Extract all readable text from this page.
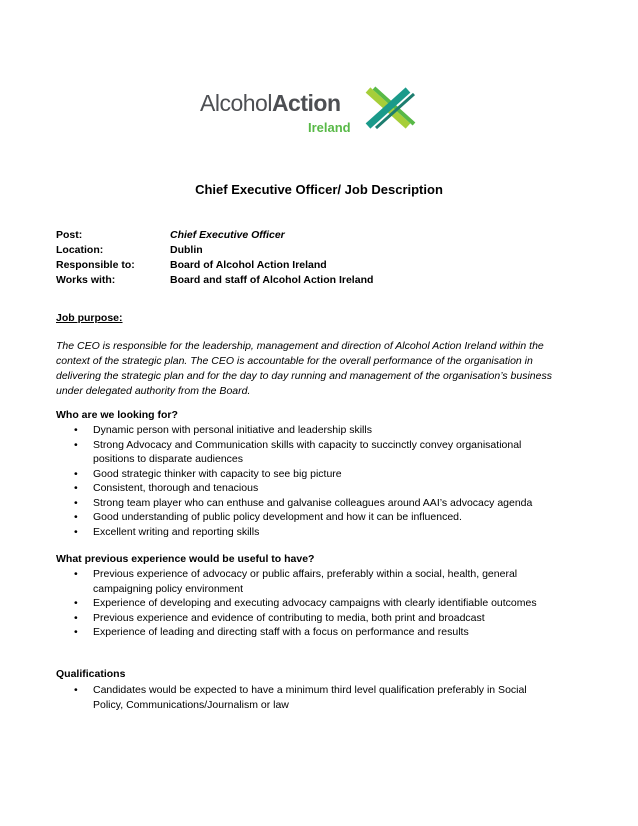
AlcoholAction
Ireland
Chief Executive Officer/ Job Description
Post:	Chief Executive Officer
Location:	Dublin
Responsible to:	Board of Alcohol Action Ireland
Works with:	Board and staff of Alcohol Action Ireland
Job purpose:
The CEO is responsible for the leadership, management and direction of Alcohol Action Ireland within the context of the strategic plan. The CEO is accountable for the overall performance of the organisation in delivering the strategic plan and for the day to day running and management of the organisation’s business under delegated authority from the Board.
Who are we looking for?
• Dynamic person with personal initiative and leadership skills
• Strong Advocacy and Communication skills with capacity to succinctly convey organisational positions to disparate audiences
• Good strategic thinker with capacity to see big picture
• Consistent, thorough and tenacious
• Strong team player who can enthuse and galvanise colleagues around AAI’s advocacy agenda
• Good understanding of public policy development and how it can be influenced.
• Excellent writing and reporting skills
What previous experience would be useful to have?
• Previous experience of advocacy or public affairs, preferably within a social, health, general campaigning policy environment
• Experience of developing and executing advocacy campaigns with clearly identifiable outcomes
• Previous experience and evidence of contributing to media, both print and broadcast
• Experience of leading and directing staff with a focus on performance and results
Qualifications
• Candidates would be expected to have a minimum third level qualification preferably in Social Policy, Communications/Journalism or law
